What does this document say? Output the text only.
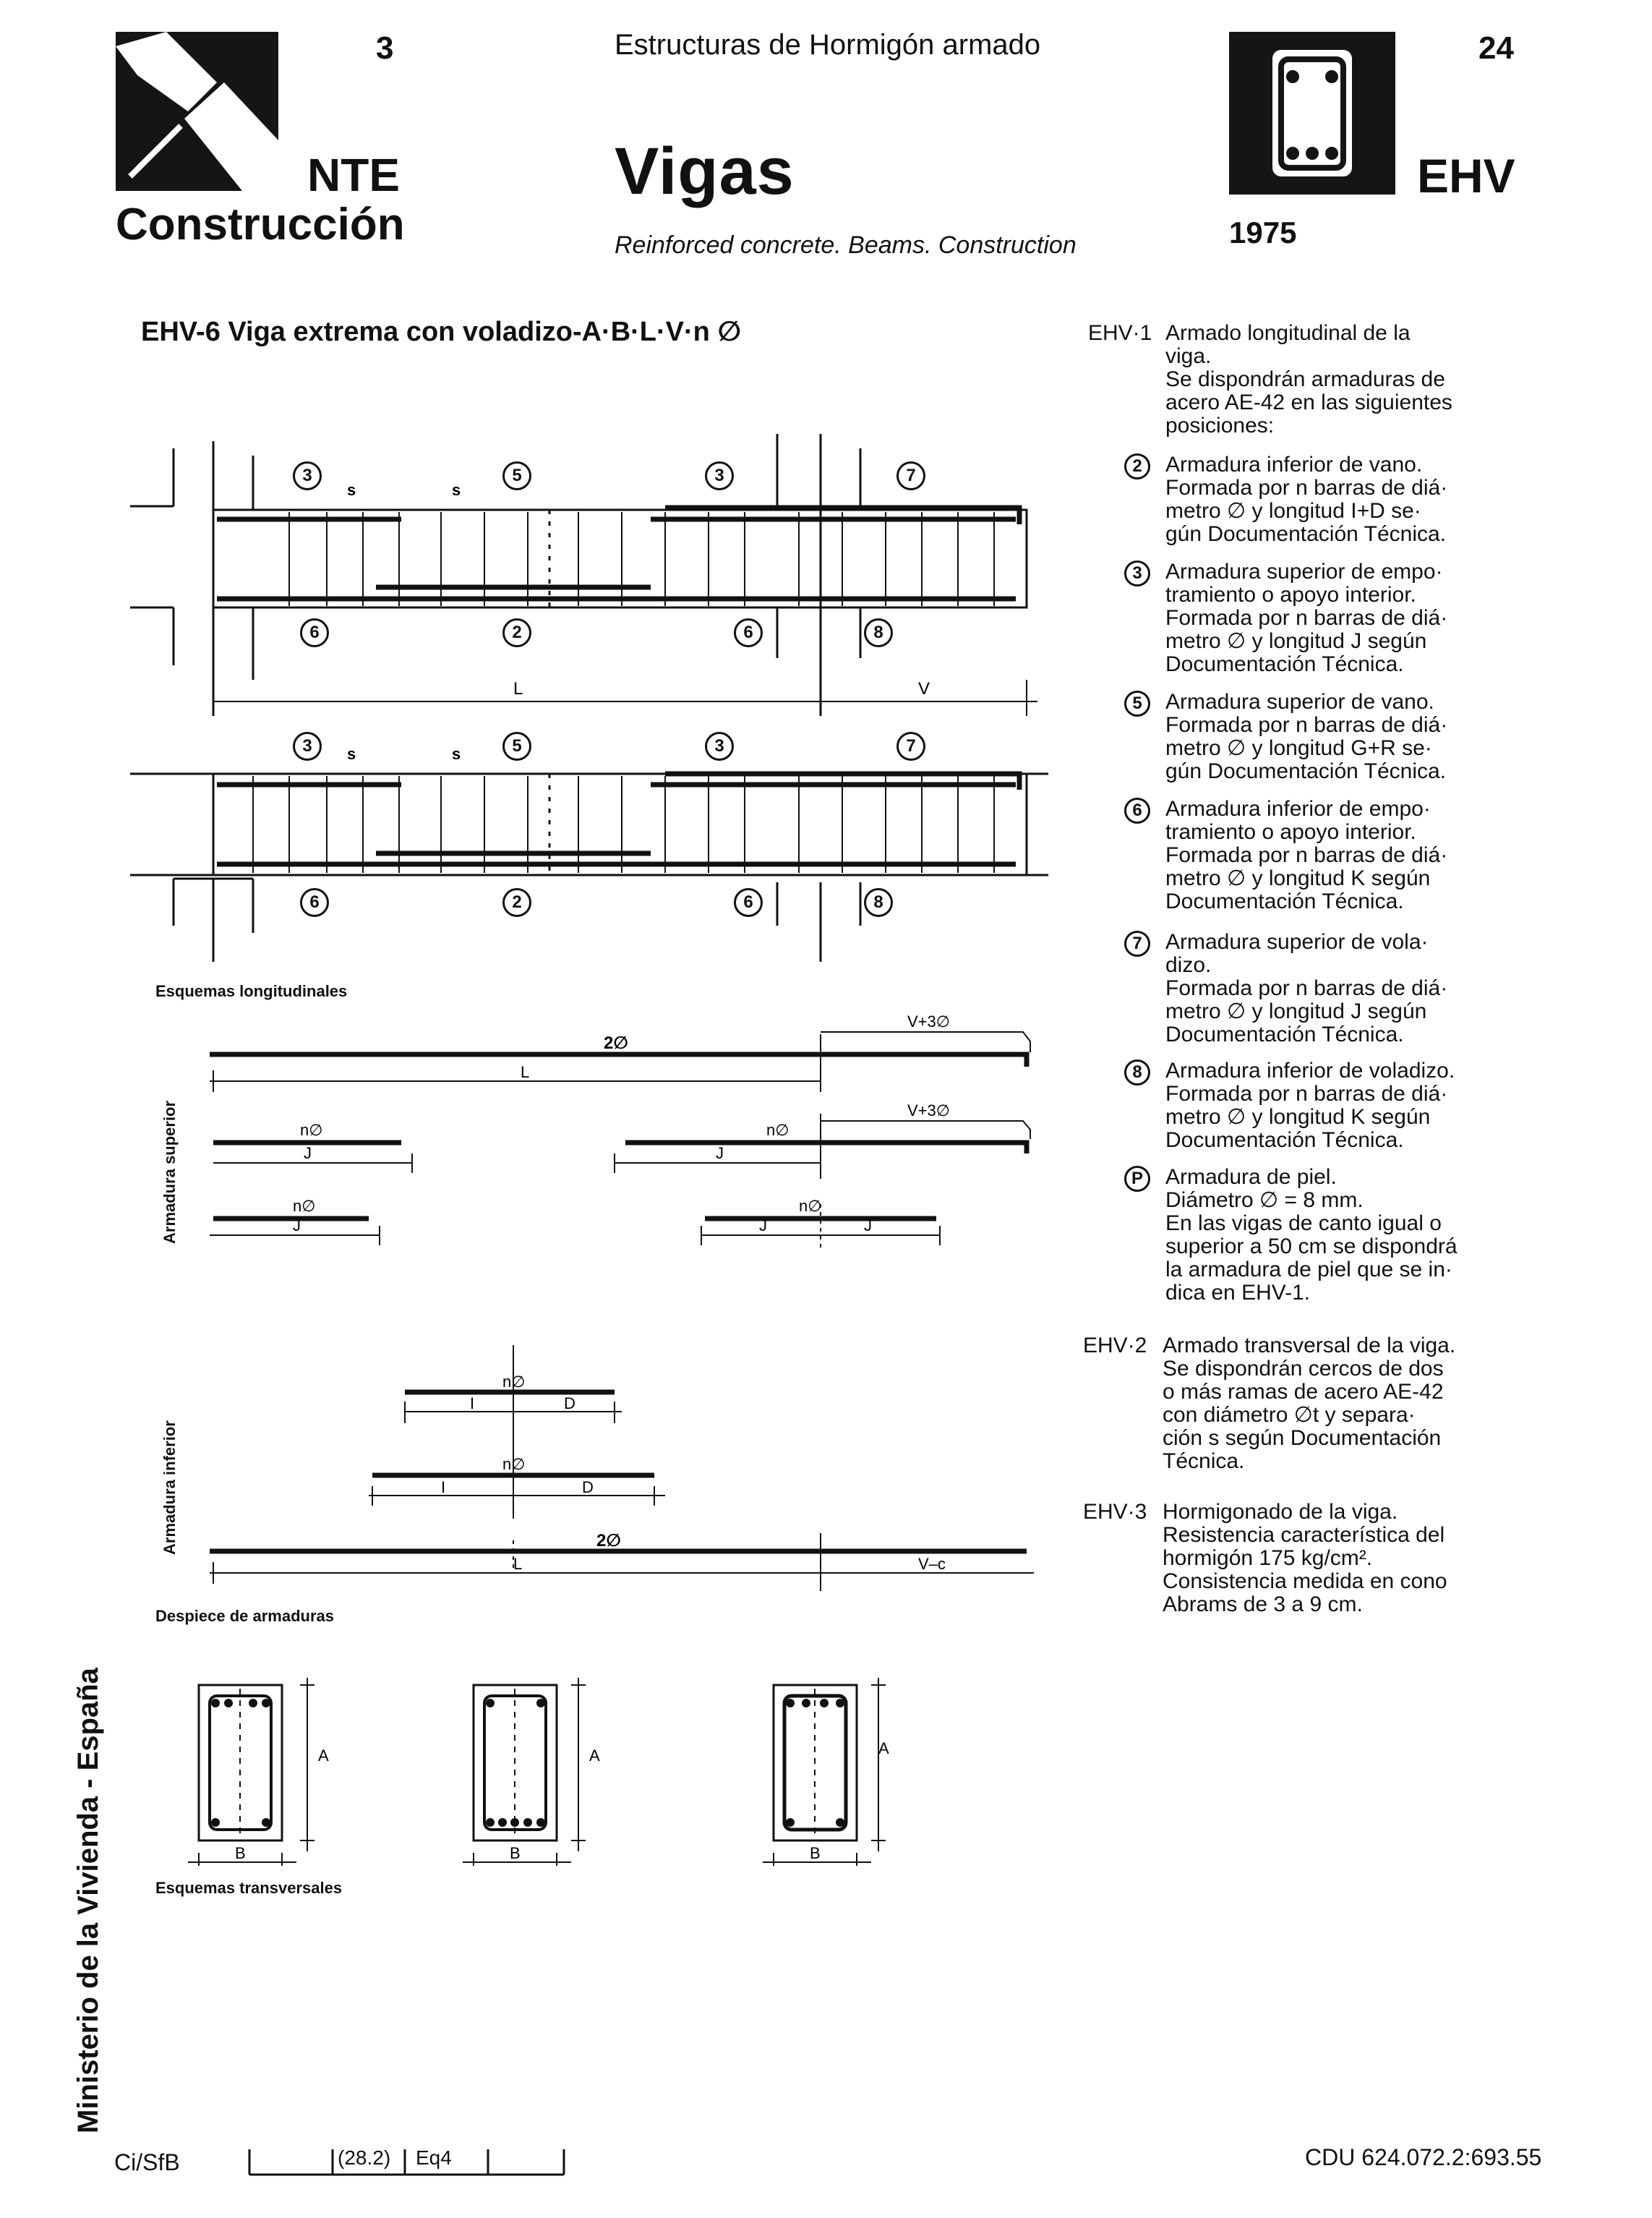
3
NTE
Construcción
Estructuras de Hormigón armado
Vigas
Reinforced concrete. Beams. Construction
24
EHV
1975
EHV-6 Viga extrema con voladizo-A·B·L·V·n ∅
L	V
s	s
s	s
3	5	3	7
6	2	6	8
3	5	3	7
6	2	6	8
Esquemas longitudinales
Armadura superior
2∅
V+3∅
L
n∅	n∅
V+3∅
J	J
n∅	n∅
J	J	J
Armadura inferior
n∅
I	D
n∅
I	D
2∅
L	V–c
Despiece de armaduras
A
B
A
B
A
B
Esquemas transversales
EHV·1 Armado longitudinal de la
viga.
Se dispondrán armaduras de
acero AE-42 en las siguientes
posiciones:
2	Armadura inferior de vano.
Formada por n barras de diá·
metro ∅ y longitud I+D se·
gún Documentación Técnica.
3	Armadura superior de empo·
tramiento o apoyo interior.
Formada por n barras de diá·
metro ∅ y longitud J según
Documentación Técnica.
5	Armadura superior de vano.
Formada por n barras de diá·
metro ∅ y longitud G+R se·
gún Documentación Técnica.
6	Armadura inferior de empo·
tramiento o apoyo interior.
Formada por n barras de diá·
metro ∅ y longitud K según
Documentación Técnica.
7	Armadura superior de vola·
dizo.
Formada por n barras de diá·
metro ∅ y longitud J según
Documentación Técnica.
8	Armadura inferior de voladizo.
Formada por n barras de diá·
metro ∅ y longitud K según
Documentación Técnica.
P	Armadura de piel.
Diámetro ∅ = 8 mm.
En las vigas de canto igual o
superior a 50 cm se dispondrá
la armadura de piel que se in·
dica en EHV-1.
EHV·2 Armado transversal de la viga.
Se dispondrán cercos de dos
o más ramas de acero AE-42
con diámetro ∅t y separa·
ción s según Documentación
Técnica.
EHV·3 Hormigonado de la viga.
Resistencia característica del
hormigón 175 kg/cm².
Consistencia medida en cono
Abrams de 3 a 9 cm.
Ministerio de la Vivienda - España
Ci/SfB	(28.2) Eq4	CDU 624.072.2:693.55
